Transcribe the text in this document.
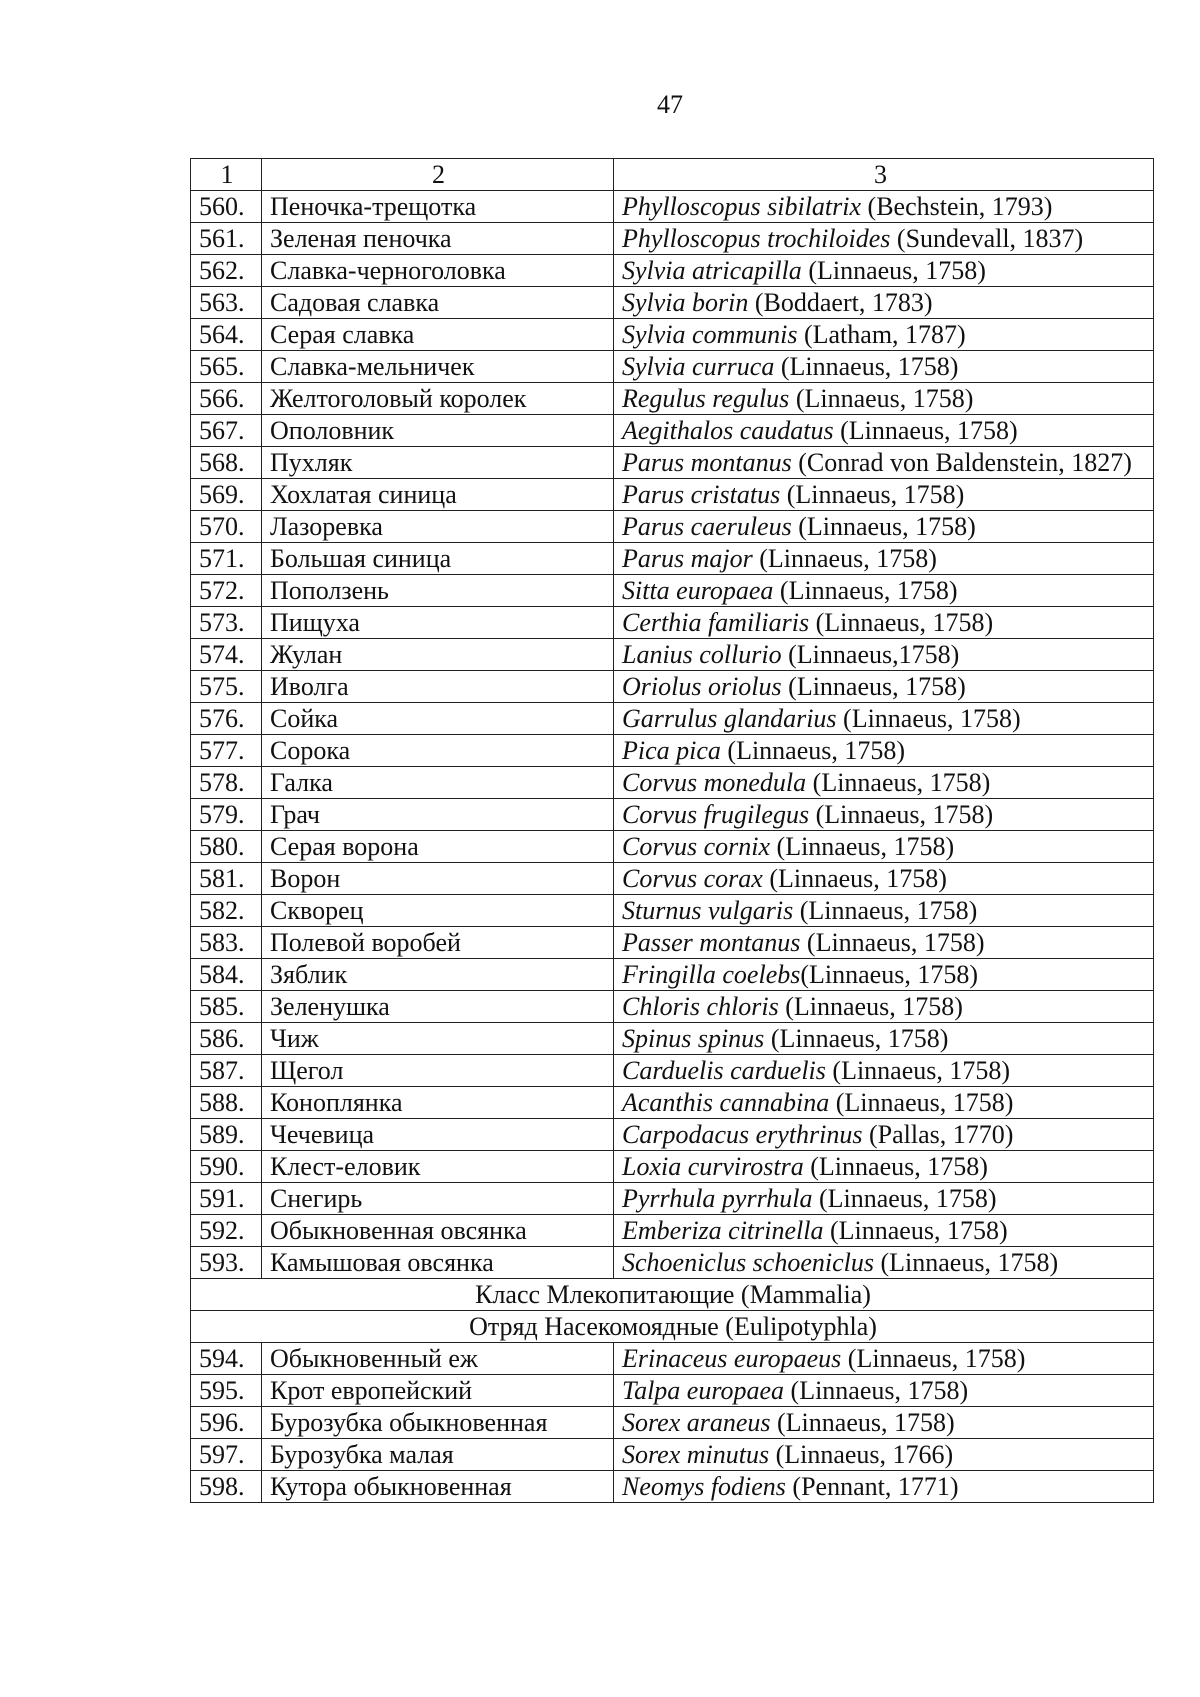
47
1	2	3
560.	Пеночка-трещотка	Phylloscopus sibilatrix (Bechstein, 1793)
561.	Зеленая пеночка	Phylloscopus trochiloides (Sundevall, 1837)
562.	Славка-черноголовка	Sylvia atricapilla (Linnaeus, 1758)
563.	Садовая славка	Sylvia borin (Boddaert, 1783)
564.	Серая славка	Sylvia communis (Latham, 1787)
565.	Славка-мельничек	Sylvia curruca (Linnaeus, 1758)
566.	Желтоголовый королек	Regulus regulus (Linnaeus, 1758)
567.	Ополовник	Aegithalos caudatus (Linnaeus, 1758)
568.	Пухляк	Parus montanus (Conrad von Baldenstein, 1827)
569.	Хохлатая синица	Parus cristatus (Linnaeus, 1758)
570.	Лазоревка	Parus caeruleus (Linnaeus, 1758)
571.	Большая синица	Parus major (Linnaeus, 1758)
572.	Поползень	Sitta europaea (Linnaeus, 1758)
573.	Пищуха	Certhia familiaris (Linnaeus, 1758)
574.	Жулан	Lanius collurio (Linnaeus,1758)
575.	Иволга	Oriolus oriolus (Linnaeus, 1758)
576.	Сойка	Garrulus glandarius (Linnaeus, 1758)
577.	Сорока	Pica pica (Linnaeus, 1758)
578.	Галка	Corvus monedula (Linnaeus, 1758)
579.	Грач	Corvus frugilegus (Linnaeus, 1758)
580.	Серая ворона	Corvus cornix (Linnaeus, 1758)
581.	Ворон	Corvus corax (Linnaeus, 1758)
582.	Скворец	Sturnus vulgaris (Linnaeus, 1758)
583.	Полевой воробей	Passer montanus (Linnaeus, 1758)
584.	Зяблик	Fringilla coelebs(Linnaeus, 1758)
585.	Зеленушка	Chloris chloris (Linnaeus, 1758)
586.	Чиж	Spinus spinus (Linnaeus, 1758)
587.	Щегол	Carduelis carduelis (Linnaeus, 1758)
588.	Коноплянка	Acanthis cannabina (Linnaeus, 1758)
589.	Чечевица	Carpodacus erythrinus (Pallas, 1770)
590.	Клест-еловик	Loxia curvirostra (Linnaeus, 1758)
591.	Снегирь	Pyrrhula pyrrhula (Linnaeus, 1758)
592.	Обыкновенная овсянка	Emberiza citrinella (Linnaeus, 1758)
593.	Камышовая овсянка	Schoeniclus schoeniclus (Linnaeus, 1758)
Класс Млекопитающие (Mammalia)		
Отряд Насекомоядные (Eulipotyphla)		
594.	Обыкновенный еж	Erinaceus europaeus (Linnaeus, 1758)
595.	Крот европейский	Talpa europaea (Linnaeus, 1758)
596.	Бурозубка обыкновенная	Sorex araneus (Linnaeus, 1758)
597.	Бурозубка малая	Sorex minutus (Linnaeus, 1766)
598.	Кутора обыкновенная	Neomys fodiens (Pennant, 1771)
